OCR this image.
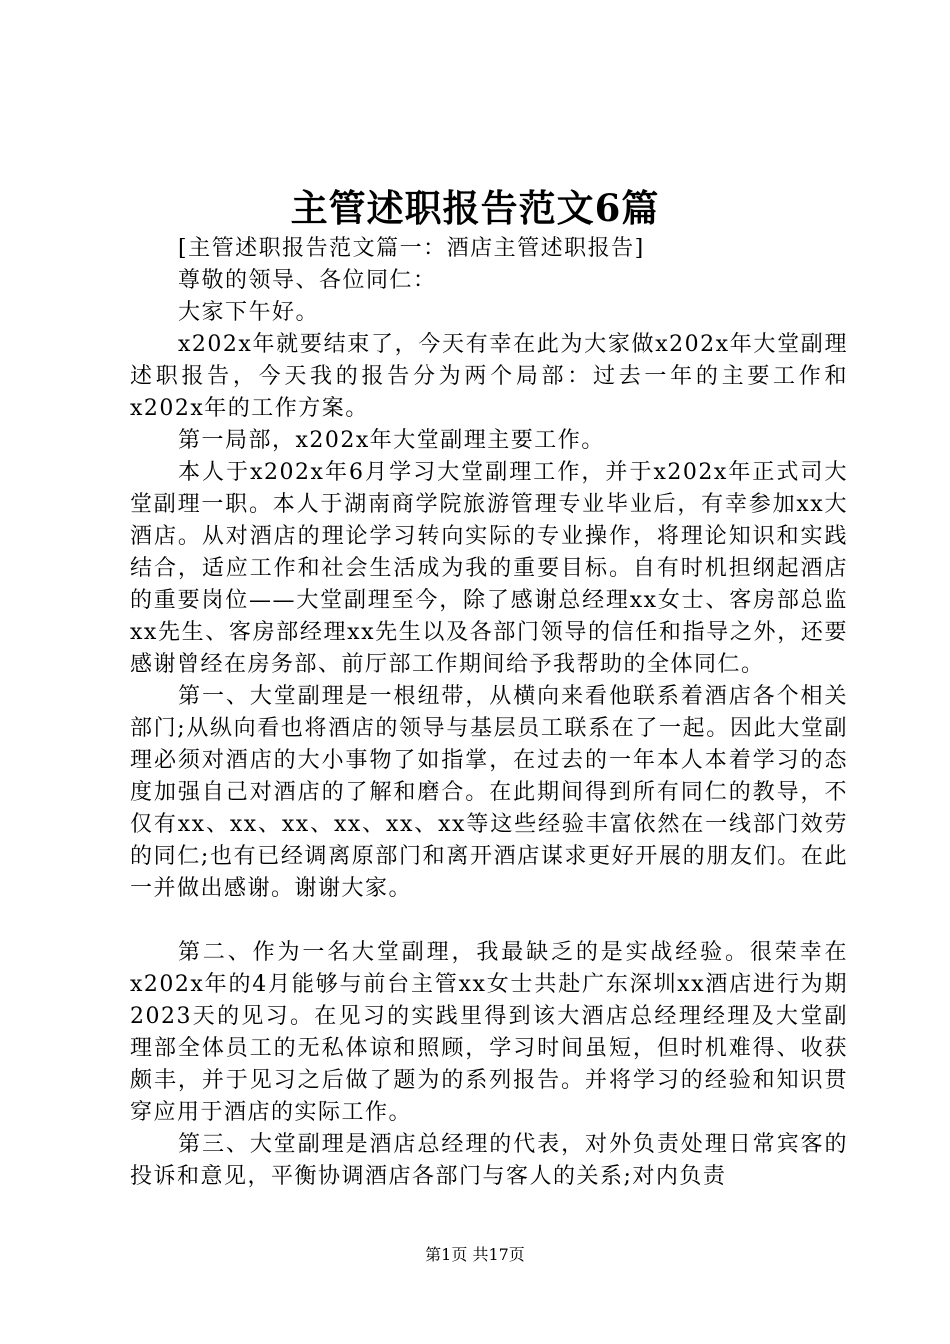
主管述职报告范文6篇

[主管述职报告范文篇一：酒店主管述职报告]

尊敬的领导、各位同仁：

大家下午好。

x202x年就要结束了，今天有幸在此为大家做x202x年大堂副理述职报告，今天我的报告分为两个局部：过去一年的主要工作和x202x年的工作方案。

第一局部，x202x年大堂副理主要工作。

本人于x202x年6月学习大堂副理工作，并于x202x年正式司大堂副理一职。本人于湖南商学院旅游管理专业毕业后，有幸参加xx大酒店。从对酒店的理论学习转向实际的专业操作，将理论知识和实践结合，适应工作和社会生活成为我的重要目标。自有时机担纲起酒店的重要岗位——大堂副理至今，除了感谢总经理xx女士、客房部总监xx先生、客房部经理xx先生以及各部门领导的信任和指导之外，还要感谢曾经在房务部、前厅部工作期间给予我帮助的全体同仁。

第一、大堂副理是一根纽带，从横向来看他联系着酒店各个相关部门;从纵向看也将酒店的领导与基层员工联系在了一起。因此大堂副理必须对酒店的大小事物了如指掌，在过去的一年本人本着学习的态度加强自己对酒店的了解和磨合。在此期间得到所有同仁的教导，不仅有xx、xx、xx、xx、xx、xx等这些经验丰富依然在一线部门效劳的同仁;也有已经调离原部门和离开酒店谋求更好开展的朋友们。在此一并做出感谢。谢谢大家。

第二、作为一名大堂副理，我最缺乏的是实战经验。很荣幸在x202x年的4月能够与前台主管xx女士共赴广东深圳xx酒店进行为期2023天的见习。在见习的实践里得到该大酒店总经理经理及大堂副理部全体员工的无私体谅和照顾，学习时间虽短，但时机难得、收获颇丰，并于见习之后做了题为的系列报告。并将学习的经验和知识贯穿应用于酒店的实际工作。

第三、大堂副理是酒店总经理的代表，对外负责处理日常宾客的投诉和意见，平衡协调酒店各部门与客人的关系;对内负责

第1页 共17页
